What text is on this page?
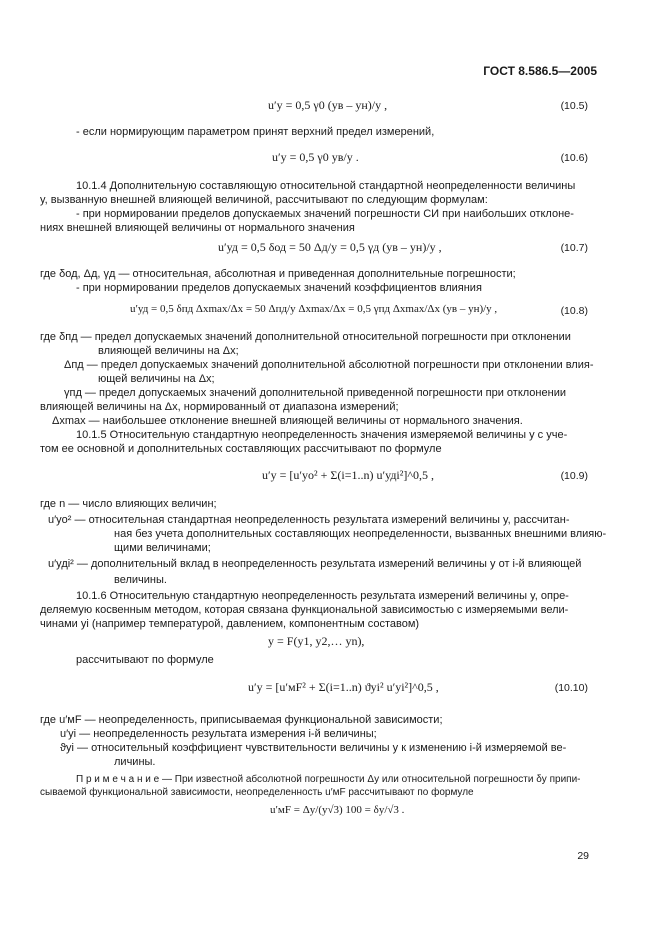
ГОСТ 8.586.5—2005
u′y = 0,5 γ0 (yв – yн)/y ,	(10.5)
- если нормирующим параметром принят верхний предел измерений,
u′y = 0,5 γ0 yв/y .	(10.6)
10.1.4 Дополнительную составляющую относительной стандартной неопределенности величины
y, вызванную внешней влияющей величиной, рассчитывают по следующим формулам:
- при нормировании пределов допускаемых значений погрешности СИ при наибольших отклоне-
ниях внешней влияющей величины от нормального значения
u′уд = 0,5 δод = 50 Δд/y = 0,5 γд (yв – yн)/y ,	(10.7)
где δод, Δд, γд — относительная, абсолютная и приведенная дополнительные погрешности;
- при нормировании пределов допускаемых значений коэффициентов влияния
u′уд = 0,5 δпд Δxmax/Δx = 50 Δпд/y Δxmax/Δx = 0,5 γпд Δxmax/Δx (yв – yн)/y ,	(10.8)
где δпд — предел допускаемых значений дополнительной относительной погрешности при отклонении
влияющей величины на Δx;
Δпд — предел допускаемых значений дополнительной абсолютной погрешности при отклонении влия-
ющей величины на Δx;
γпд — предел допускаемых значений дополнительной приведенной погрешности при отклонении
влияющей величины на Δx, нормированный от диапазона измерений;
Δxmax — наибольшее отклонение внешней влияющей величины от нормального значения.
10.1.5 Относительную стандартную неопределенность значения измеряемой величины y с уче-
том ее основной и дополнительных составляющих рассчитывают по формуле
u′y = [u′yo² + Σ(i=1..n) u′удi²]^0,5 ,	(10.9)
где n — число влияющих величин;
u′yo² — относительная стандартная неопределенность результата измерений величины y, рассчитан-
ная без учета дополнительных составляющих неопределенности, вызванных внешними влияю-
щими величинами;
u′удi² — дополнительный вклад в неопределенность результата измерений величины y от i-й влияющей
величины.
10.1.6 Относительную стандартную неопределенность результата измерений величины y, опре-
деляемую косвенным методом, которая связана функциональной зависимостью с измеряемыми вели-
чинами yi (например температурой, давлением, компонентным составом)
y = F(y1, y2,… yn),
рассчитывают по формуле
u′y = [u′мF² + Σ(i=1..n) ϑyi² u′yi²]^0,5 ,	(10.10)
где u′мF — неопределенность, приписываемая функциональной зависимости;
u′yi — неопределенность результата измерения i-й величины;
ϑyi — относительный коэффициент чувствительности величины y к изменению i-й измеряемой ве-
личины.
П р и м е ч а н и е — При известной абсолютной погрешности Δy или относительной погрешности δy припи-
сываемой функциональной зависимости, неопределенность u′мF рассчитывают по формуле
u′мF = Δy/(y√3) 100 = δy/√3 .
29
